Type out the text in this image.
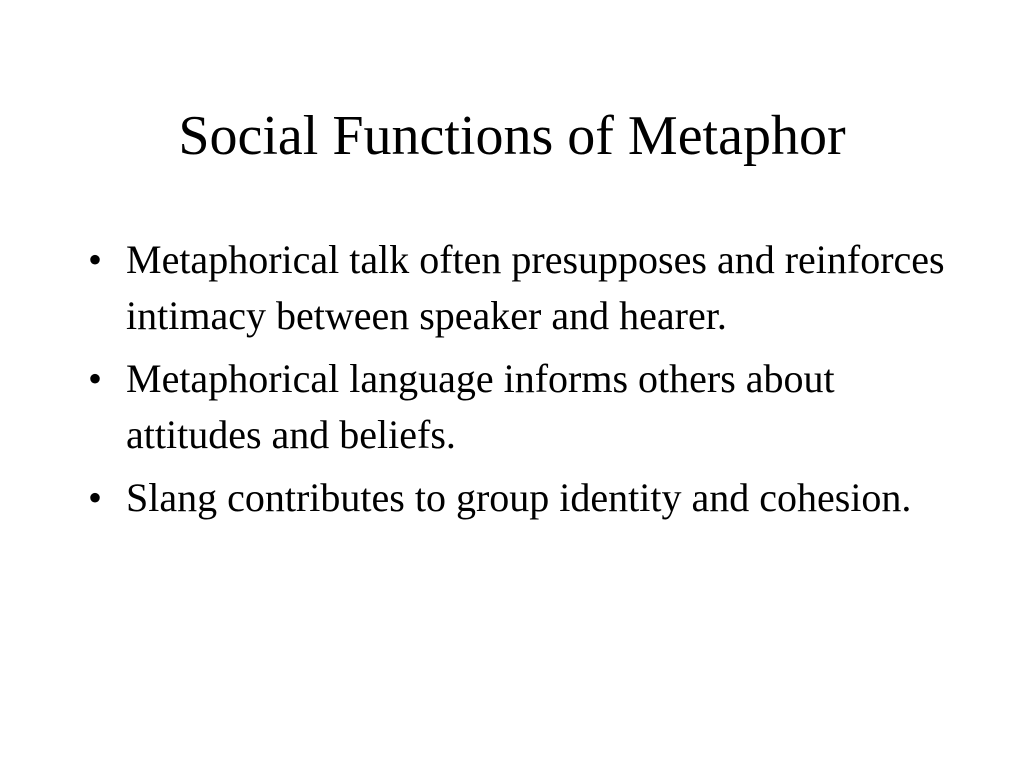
Social Functions of Metaphor
• Metaphorical talk often presupposes and reinforces intimacy between speaker and hearer.
• Metaphorical language informs others about attitudes and beliefs.
• Slang contributes to group identity and cohesion.
